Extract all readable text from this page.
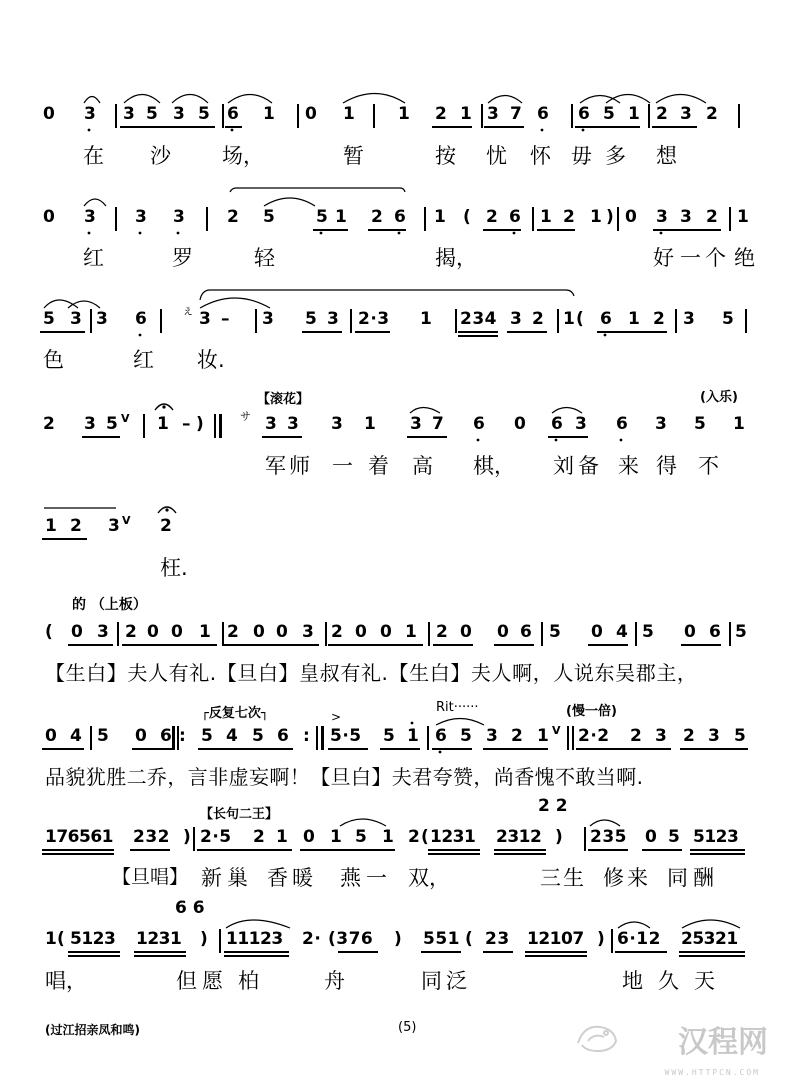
0 3 3 5 3 5 6 1 0 1	1 2 1 3 7 6 6 5 1 2 3 2
在 沙 场，	暂	按 忧 怀 毋 多 想
0 3 3 3 2 5 5 1 2 6 1 ( 2 6 1 2 1 ) 0 3 3 2 1
红	罗	轻	揭，	好 一 个 绝
5 3 3 6	3 – 3 5 3 2·3 1 234 3 2 1 ( 6 1 2 3 5
ぇ
色	红 妆.
【滚花】	(入乐)
2 3 5 V 1 – )	サ 3 3 3 1 3 7 6 0 6 3 6 3 5 1
军 师 一 着 高 棋， 刘 备 来 得 不
1 2 3 V 2
枉.
的 （上板）
( 0 3 2 0 0 1 2 0 0 3 2 0 0 1 2 0 0 6 5 0 4 5 0 6 5
【生白】夫人有礼.【旦白】皇叔有礼.【生白】夫人啊，人说东吴郡主，
┌反复七次┐	Rit······	(慢一倍)
0 4 5 0 6 : 5 4 5 6 : 5·5 5 1 6 5 3 2 1 V 2·2 2 3 2 3 5
>
品貌犹胜二乔，言非虚妄啊！【旦白】夫君夸赞，尚香愧不敢当啊.
【长句二王】	2 2
176561 232 ) 2·5 2 1 0 1 5 1 2 ( 1231 2312 ) 235 0 5 5123
【旦唱】 新 巢 香 暖 燕 一 双，	三 生 修 来 同 酬
6 6
1 ( 5123 1231 ) 11123 2· (376 ) 551 ( 23 12107 ) 6·12 25321
唱，	但 愿 柏	舟	同 泛	地 久 天
(过江招亲凤和鸣)	(5)	汉程网
WWW.HTTPCN.COM
